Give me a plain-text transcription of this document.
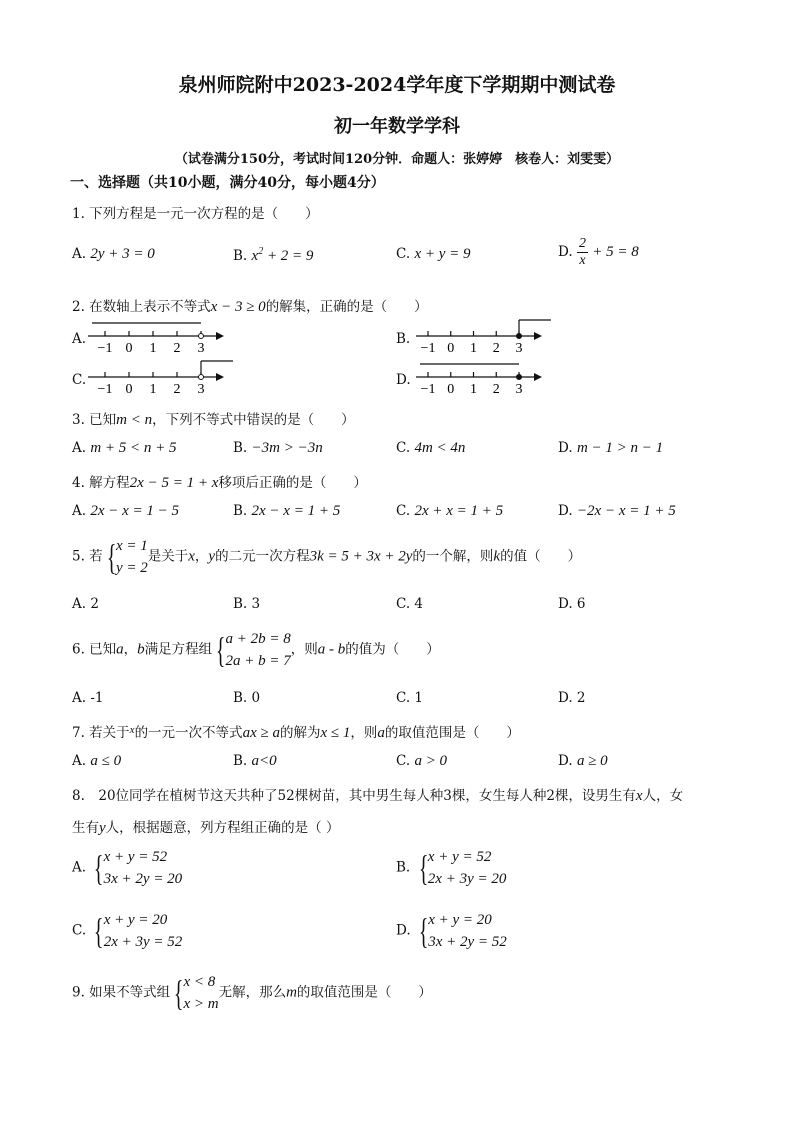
泉州师院附中2023-2024学年度下学期期中测试卷
初一年数学学科
（试卷满分150分，考试时间120分钟．命题人：张婷婷　核卷人：刘雯雯）
一、选择题（共10小题，满分40分，每小题4分）
1. 下列方程是一元一次方程的是（　　）
A. 2y + 3 = 0	B. $x^2 + 2 = 9$	C. x + y = 9	D. $\frac{2}{x} + 5 = 8$
2. 在数轴上表示不等式x − 3 ≥ 0的解集，正确的是（　　）
A.
−1 0 1 2 3
B.
−1 0 1 2 3
C.
−1 0 1 2 3
D.
−1 0 1 2 3
3. 已知m < n，下列不等式中错误的是（　　）
A. m + 5 < n + 5	B. −3m > −3n	C. 4m < 4n	D. m − 1 > n − 1
4. 解方程2x − 5 = 1 + x移项后正确的是（　　）
A. 2x − x = 1 − 5	B. 2x − x = 1 + 5	C. 2x + x = 1 + 5	D. −2x − x = 1 + 5
5. 若 { x = 1
y = 2
是关于x，y的二元一次方程3k = 5 + 3x + 2y的一个解，则k的值（　　）
A. 2	B. 3	C. 4	D. 6
6. 已知a，b满足方程组 { a + 2b = 8
2a + b = 7
，则a - b的值为（　　）
A. ‐1	B. 0	C. 1	D. 2
7. 若关于$^x$的一元一次不等式ax ≥ a的解为x ≤ 1，则a的取值范围是（　　）
A. a ≤ 0	B. a<0	C. a > 0	D. a ≥ 0
8.　20位同学在植树节这天共种了52棵树苗，其中男生每人种3棵，女生每人种2棵，设男生有x人，女
生有y人，根据题意，列方程组正确的是（ ）
A. { x + y = 52
3x + 2y = 20
B. { x + y = 52
2x + 3y = 20
C. { x + y = 20
2x + 3y = 52
D. { x + y = 20
3x + 2y = 52
9. 如果不等式组 { x < 8
x > m
无解，那么m的取值范围是（　　）
